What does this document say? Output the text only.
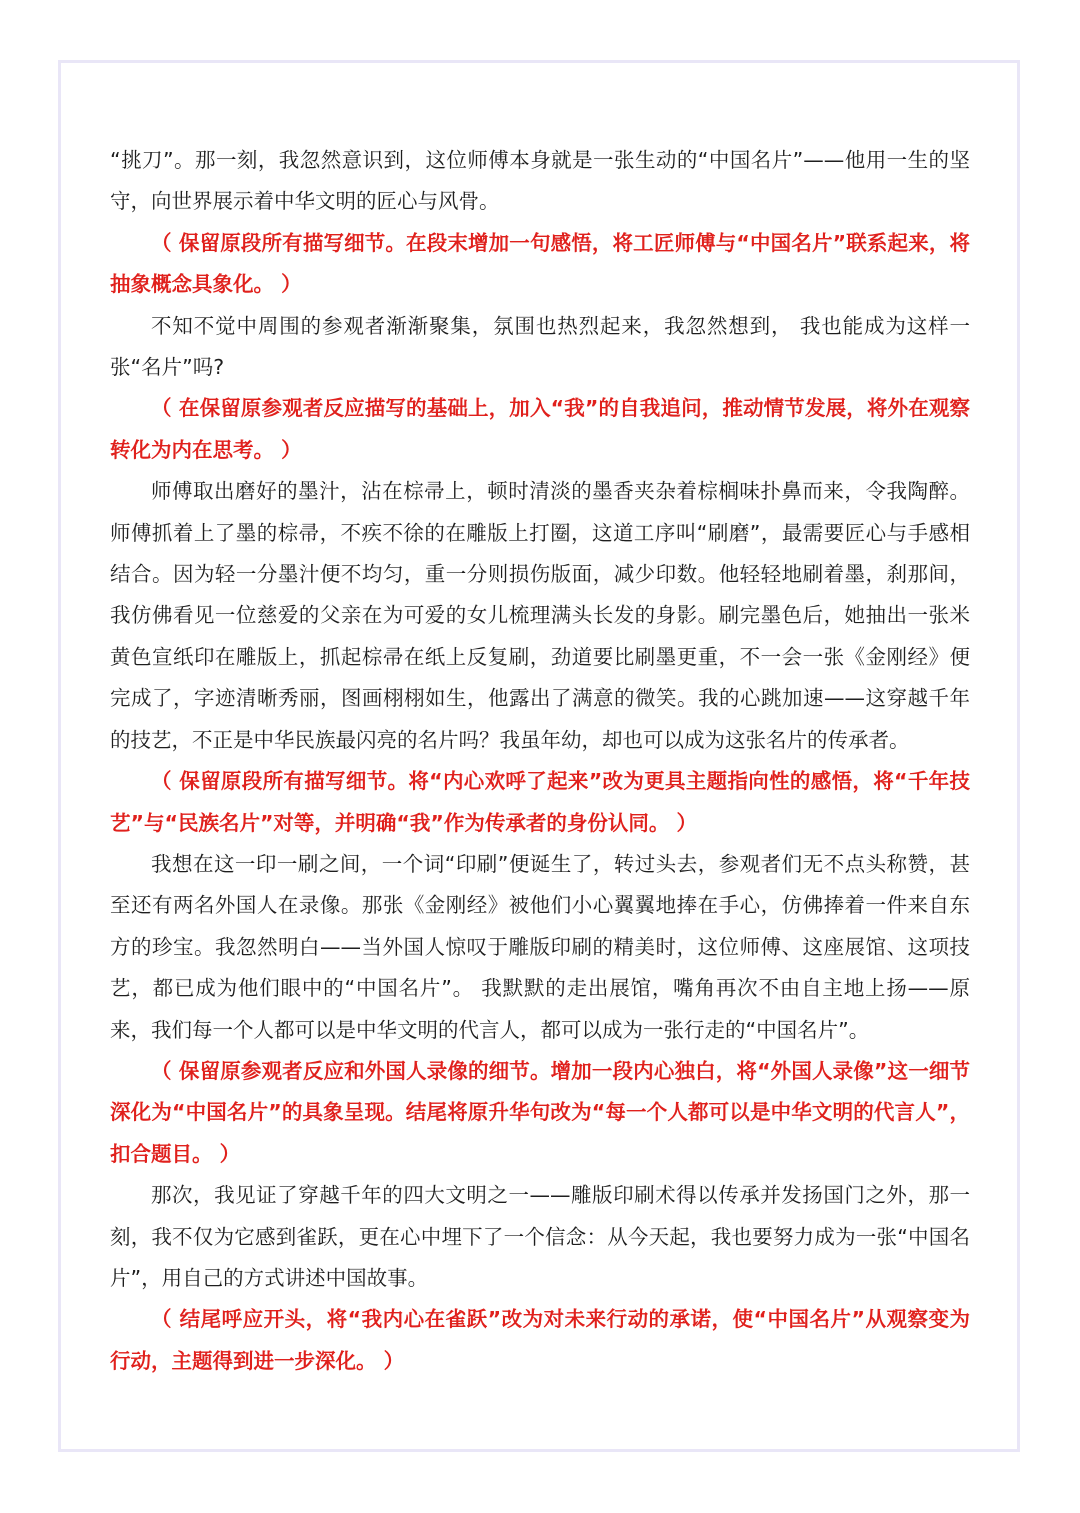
“挑刀”。那一刻，我忽然意识到，这位师傅本身就是一张生动的“中国名片”——他用一生的坚守，向世界展示着中华文明的匠心与风骨。

（ 保留原段所有描写细节。在段末增加一句感悟，将工匠师傅与“中国名片”联系起来，将抽象概念具象化。 ）

不知不觉中周围的参观者渐渐聚集，氛围也热烈起来，我忽然想到， 我也能成为这样一张“名片”吗?

（ 在保留原参观者反应描写的基础上，加入“我”的自我追问，推动情节发展，将外在观察转化为内在思考。 ）

师傅取出磨好的墨汁，沾在棕帚上，顿时清淡的墨香夹杂着棕榈味扑鼻而来，令我陶醉。师傅抓着上了墨的棕帚，不疾不徐的在雕版上打圈，这道工序叫“刷磨”，最需要匠心与手感相结合。因为轻一分墨汁便不均匀，重一分则损伤版面，减少印数。他轻轻地刷着墨，刹那间，我仿佛看见一位慈爱的父亲在为可爱的女儿梳理满头长发的身影。刷完墨色后，她抽出一张米黄色宣纸印在雕版上，抓起棕帚在纸上反复刷，劲道要比刷墨更重，不一会一张《金刚经》便完成了，字迹清晰秀丽，图画栩栩如生，他露出了满意的微笑。我的心跳加速——这穿越千年的技艺，不正是中华民族最闪亮的名片吗？我虽年幼，却也可以成为这张名片的传承者。

（ 保留原段所有描写细节。将“内心欢呼了起来”改为更具主题指向性的感悟，将“千年技艺”与“民族名片”对等，并明确“我”作为传承者的身份认同。 ）

我想在这一印一刷之间，一个词“印刷”便诞生了，转过头去，参观者们无不点头称赞，甚至还有两名外国人在录像。那张《金刚经》被他们小心翼翼地捧在手心，仿佛捧着一件来自东方的珍宝。我忽然明白——当外国人惊叹于雕版印刷的精美时，这位师傅、这座展馆、这项技艺，都已成为他们眼中的“中国名片”。 我默默的走出展馆，嘴角再次不由自主地上扬——原来，我们每一个人都可以是中华文明的代言人，都可以成为一张行走的“中国名片”。

（ 保留原参观者反应和外国人录像的细节。增加一段内心独白，将“外国人录像”这一细节深化为“中国名片”的具象呈现。结尾将原升华句改为“每一个人都可以是中华文明的代言人”，扣合题目。 ）

那次，我见证了穿越千年的四大文明之一——雕版印刷术得以传承并发扬国门之外，那一刻，我不仅为它感到雀跃，更在心中埋下了一个信念：从今天起，我也要努力成为一张“中国名片”，用自己的方式讲述中国故事。

（ 结尾呼应开头，将“我内心在雀跃”改为对未来行动的承诺，使“中国名片”从观察变为行动，主题得到进一步深化。 ）
